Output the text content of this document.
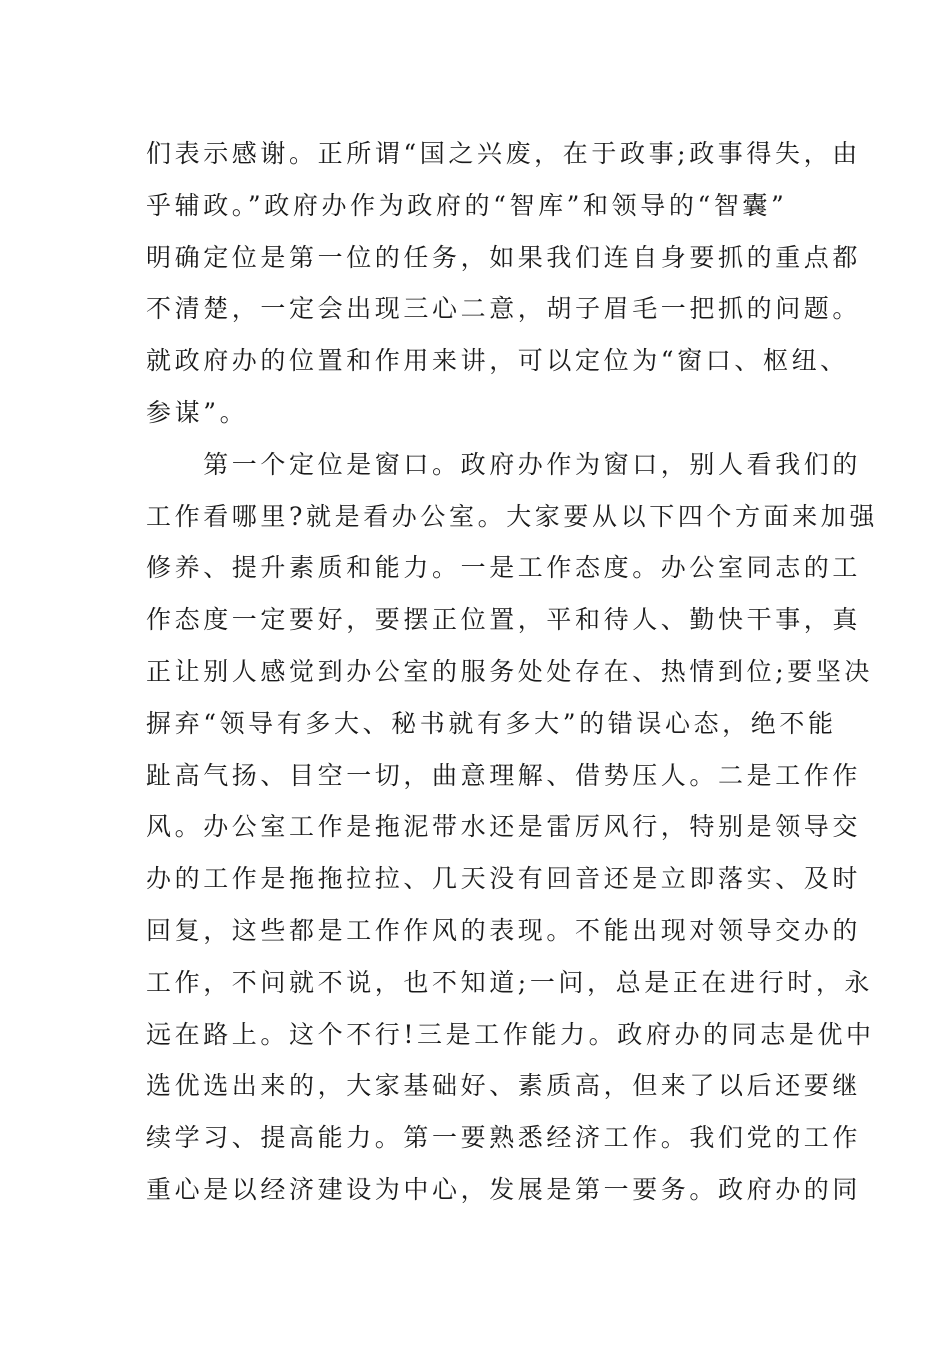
们表示感谢。正所谓“国之兴废，在于政事;政事得失，由
乎辅政。”政府办作为政府的“智库”和领导的“智囊”
明确定位是第一位的任务，如果我们连自身要抓的重点都
不清楚，一定会出现三心二意，胡子眉毛一把抓的问题。
就政府办的位置和作用来讲，可以定位为“窗口、枢纽、
参谋”。
　　第一个定位是窗口。政府办作为窗口，别人看我们的
工作看哪里?就是看办公室。大家要从以下四个方面来加强
修养、提升素质和能力。一是工作态度。办公室同志的工
作态度一定要好，要摆正位置，平和待人、勤快干事，真
正让别人感觉到办公室的服务处处存在、热情到位;要坚决
摒弃“领导有多大、秘书就有多大”的错误心态，绝不能
趾高气扬、目空一切，曲意理解、借势压人。二是工作作
风。办公室工作是拖泥带水还是雷厉风行，特别是领导交
办的工作是拖拖拉拉、几天没有回音还是立即落实、及时
回复，这些都是工作作风的表现。不能出现对领导交办的
工作，不问就不说，也不知道;一问，总是正在进行时，永
远在路上。这个不行!三是工作能力。政府办的同志是优中
选优选出来的，大家基础好、素质高，但来了以后还要继
续学习、提高能力。第一要熟悉经济工作。我们党的工作
重心是以经济建设为中心，发展是第一要务。政府办的同
